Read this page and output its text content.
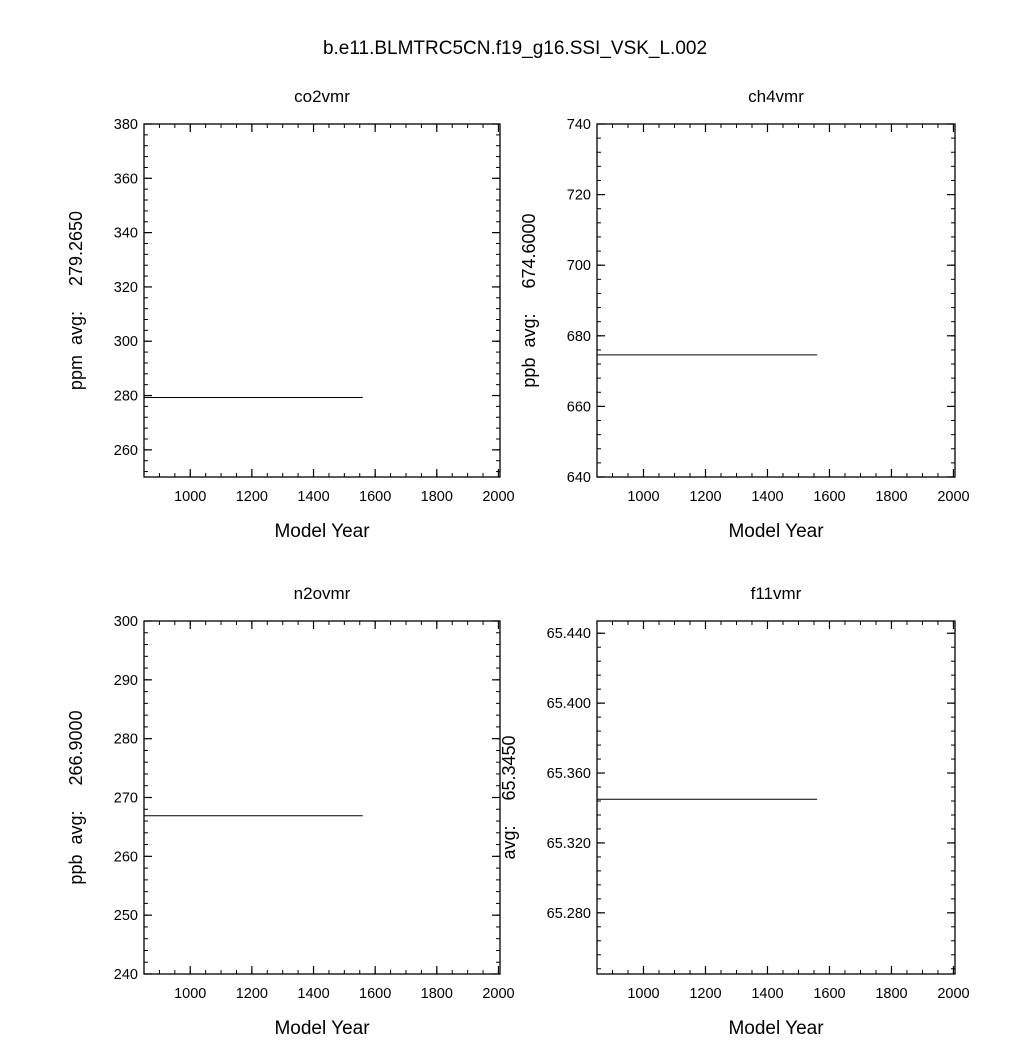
b.e11.BLMTRC5CN.f19_g16.SSI_VSK_L.002
1000 1200 1400 1600 1800 2000
260
280
300
320
340
360
380
co2vmr
Model Year
ppm  avg:     279.2650
1000 1200 1400 1600 1800 2000
640
660
680
700
720
740
ch4vmr
Model Year
ppb  avg:     674.6000
1000 1200 1400 1600 1800 2000
240
250
260
270
280
290
300
n2ovmr
Model Year
ppb  avg:     266.9000
1000 1200 1400 1600 1800 2000
65.280
65.320
65.360
65.400
65.440
f11vmr
Model Year
avg:     65.3450
